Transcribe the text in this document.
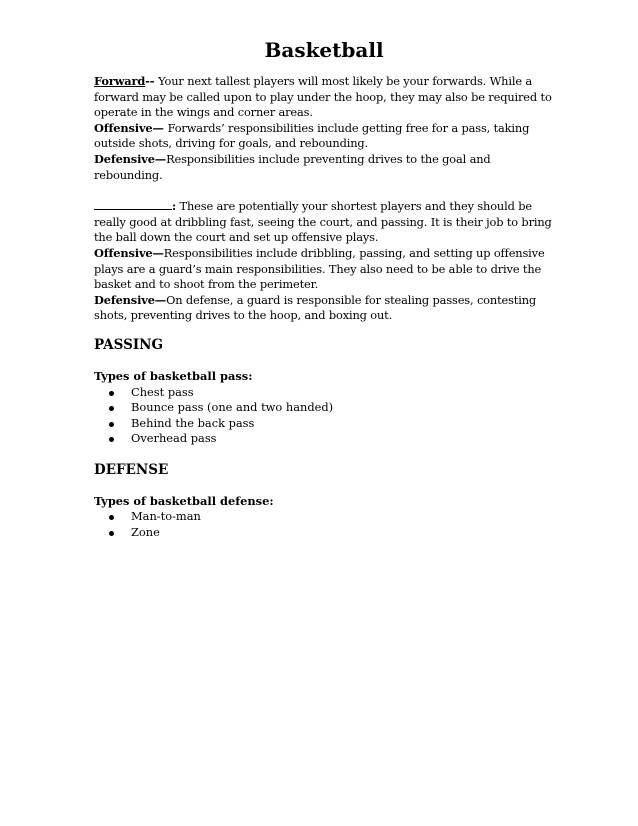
Basketball

Forward-- Your next tallest players will most likely be your forwards. While a forward may be called upon to play under the hoop, they may also be required to operate in the wings and corner areas.

Offensive— Forwards’ responsibilities include getting free for a pass, taking outside shots, driving for goals, and rebounding.

Defensive—Responsibilities include preventing drives to the goal and rebounding.

: These are potentially your shortest players and they should be really good at dribbling fast, seeing the court, and passing. It is their job to bring the ball down the court and set up offensive plays.

Offensive—Responsibilities include dribbling, passing, and setting up offensive plays are a guard’s main responsibilities. They also need to be able to drive the basket and to shoot from the perimeter.

Defensive—On defense, a guard is responsible for stealing passes, contesting shots, preventing drives to the hoop, and boxing out.

PASSING
Types of basketball pass:
Chest pass
Bounce pass (one and two handed)
Behind the back pass
Overhead pass
DEFENSE
Types of basketball defense:
Man-to-man
Zone
